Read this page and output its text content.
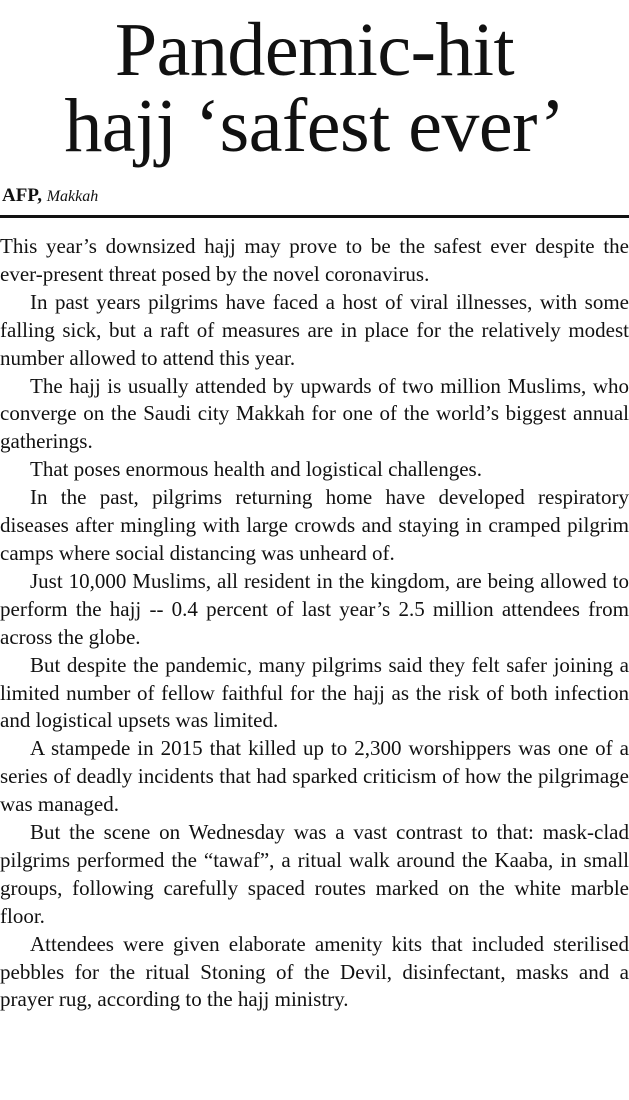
Pandemic-hit
hajj ‘safest ever’
AFP, Makkah

This year’s downsized hajj may prove to be the safest ever despite the ever-present threat posed by the novel coronavirus.

In past years pilgrims have faced a host of viral illnesses, with some falling sick, but a raft of measures are in place for the relatively modest number allowed to attend this year.

The hajj is usually attended by upwards of two million Muslims, who converge on the Saudi city Makkah for one of the world’s biggest annual gatherings.

That poses enormous health and logistical challenges.

In the past, pilgrims returning home have developed respiratory diseases after mingling with large crowds and staying in cramped pilgrim camps where social distancing was unheard of.

Just 10,000 Muslims, all resident in the kingdom, are being allowed to perform the hajj -- 0.4 percent of last year’s 2.5 million attendees from across the globe.

But despite the pandemic, many pilgrims said they felt safer joining a limited number of fellow faithful for the hajj as the risk of both infection and logistical upsets was limited.

A stampede in 2015 that killed up to 2,300 worshippers was one of a series of deadly incidents that had sparked criticism of how the pilgrimage was managed.

But the scene on Wednesday was a vast contrast to that: mask-clad pilgrims performed the “tawaf”, a ritual walk around the Kaaba, in small groups, following carefully spaced routes marked on the white marble floor.

Attendees were given elaborate amenity kits that included sterilised pebbles for the ritual Stoning of the Devil, disinfectant, masks and a prayer rug, according to the hajj ministry.
